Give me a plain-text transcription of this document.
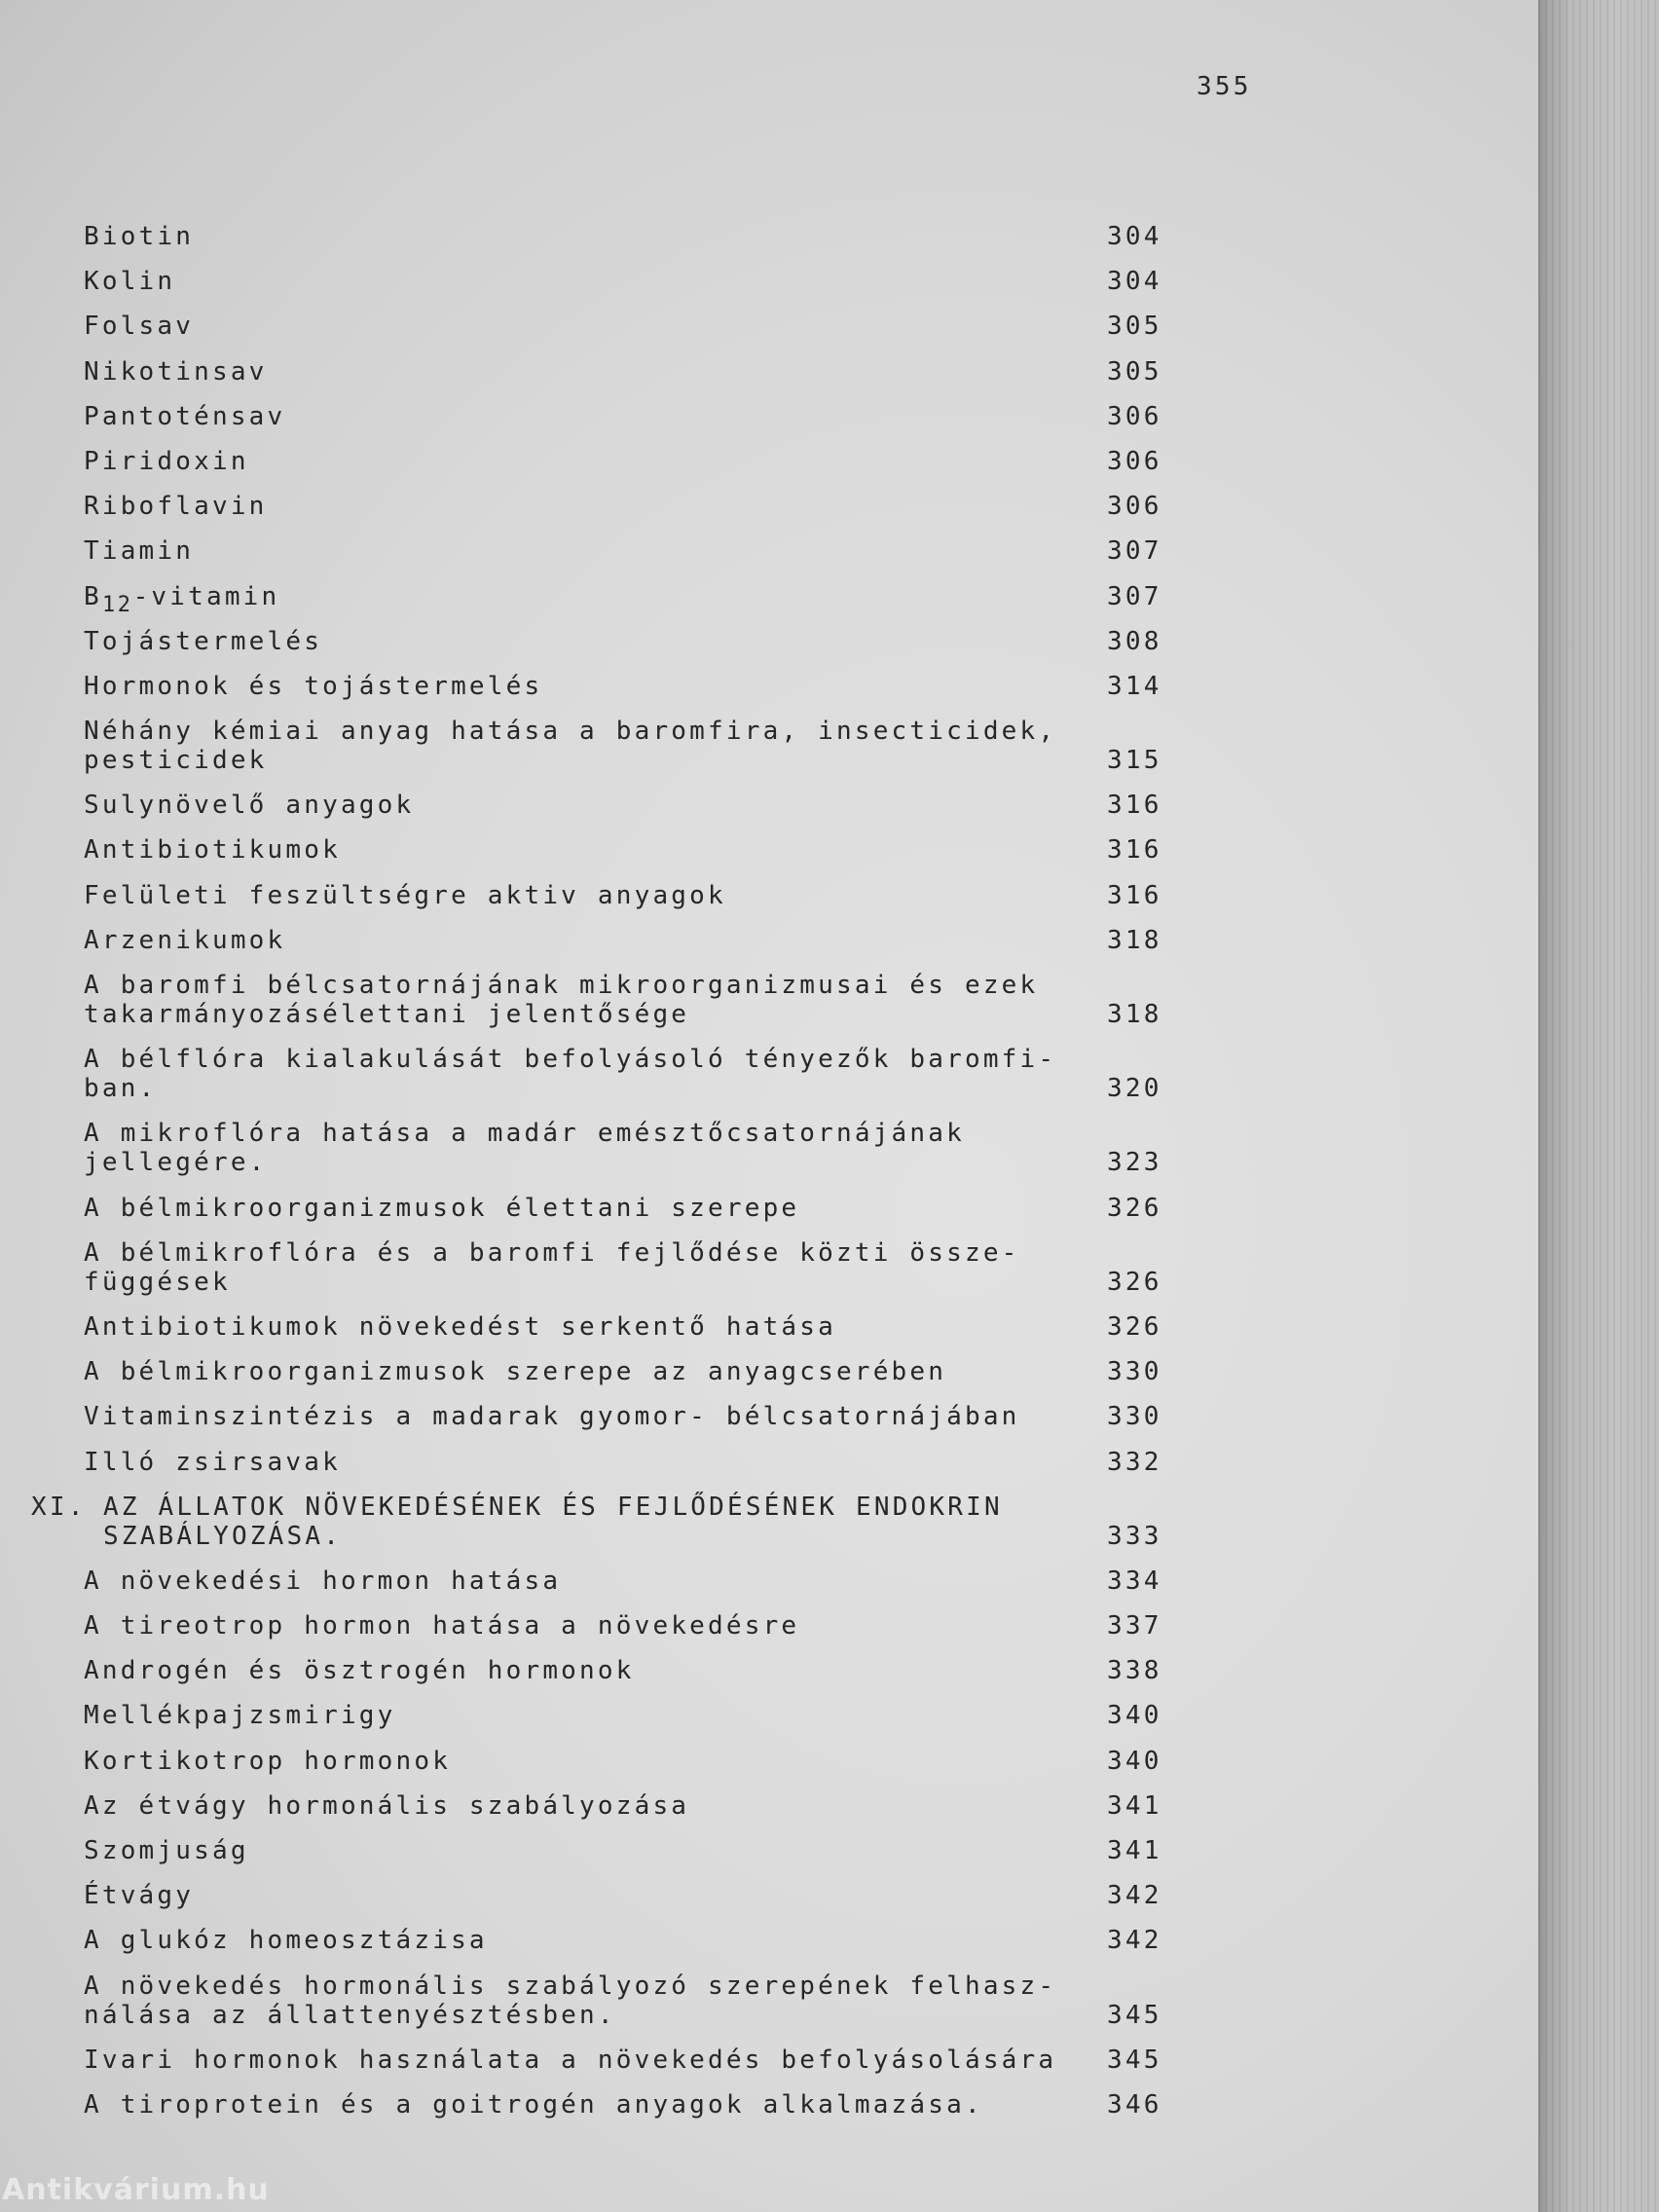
355
Biotin	304
Kolin	304
Folsav	305
Nikotinsav	305
Pantoténsav	306
Piridoxin	306
Riboflavin	306
Tiamin	307
$B_{12}$-vitamin	307
Tojástermelés	308
Hormonok és tojástermelés	314
Néhány kémiai anyag hatása a baromfira, insecticidek,
pesticidek	315
Sulynövelő anyagok	316
Antibiotikumok	316
Felületi feszültségre aktiv anyagok	316
Arzenikumok	318
A baromfi bélcsatornájának mikroorganizmusai és ezek
takarmányozásélettani jelentősége	318
A bélflóra kialakulását befolyásoló tényezők baromfi-
ban.	320
A mikroflóra hatása a madár emésztőcsatornájának
jellegére.	323
A bélmikroorganizmusok élettani szerepe	326
A bélmikroflóra és a baromfi fejlődése közti össze-
függések	326
Antibiotikumok növekedést serkentő hatása	326
A bélmikroorganizmusok szerepe az anyagcserében	330
Vitaminszintézis a madarak gyomor- bélcsatornájában	330
Illó zsirsavak	332
XI. AZ ÁLLATOK NÖVEKEDÉSÉNEK ÉS FEJLŐDÉSÉNEK ENDOKRIN
SZABÁLYOZÁSA.	333
A növekedési hormon hatása	334
A tireotrop hormon hatása a növekedésre	337
Androgén és ösztrogén hormonok	338
Mellékpajzsmirigy	340
Kortikotrop hormonok	340
Az étvágy hormonális szabályozása	341
Szomjuság	341
Étvágy	342
A glukóz homeosztázisa	342
A növekedés hormonális szabályozó szerepének felhasz-
nálása az állattenyésztésben.	345
Ivari hormonok használata a növekedés befolyásolására	345
A tiroprotein és a goitrogén anyagok alkalmazása.	346
Antikvárium.hu
